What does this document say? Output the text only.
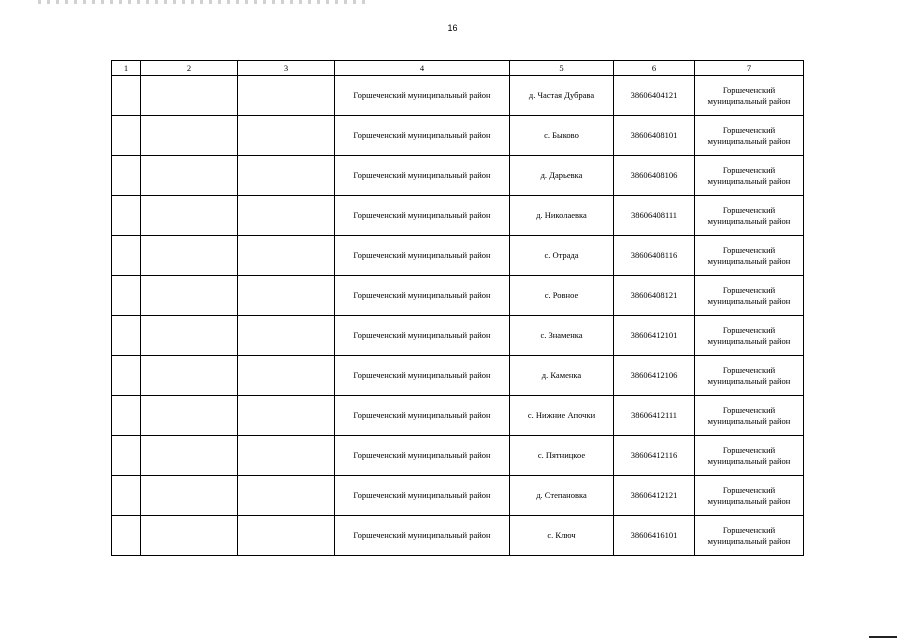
16
1	2	3	4	5	6	7
			Горшеченский муниципальный район	д. Частая Дубрава	38606404121	Горшеченский
муниципальный район

			Горшеченский муниципальный район	с. Быково	38606408101	Горшеченский
муниципальный район

			Горшеченский муниципальный район	д. Дарьевка	38606408106	Горшеченский
муниципальный район

			Горшеченский муниципальный район	д. Николаевка	38606408111	Горшеченский
муниципальный район

			Горшеченский муниципальный район	с. Отрада	38606408116	Горшеченский
муниципальный район

			Горшеченский муниципальный район	с. Ровное	38606408121	Горшеченский
муниципальный район

			Горшеченский муниципальный район	с. Знаменка	38606412101	Горшеченский
муниципальный район

			Горшеченский муниципальный район	д. Каменка	38606412106	Горшеченский
муниципальный район

			Горшеченский муниципальный район	с. Нижние Апочки	38606412111	Горшеченский
муниципальный район

			Горшеченский муниципальный район	с. Пятницкое	38606412116	Горшеченский
муниципальный район

			Горшеченский муниципальный район	д. Степановка	38606412121	Горшеченский
муниципальный район

			Горшеченский муниципальный район	с. Ключ	38606416101	Горшеченский
муниципальный район
